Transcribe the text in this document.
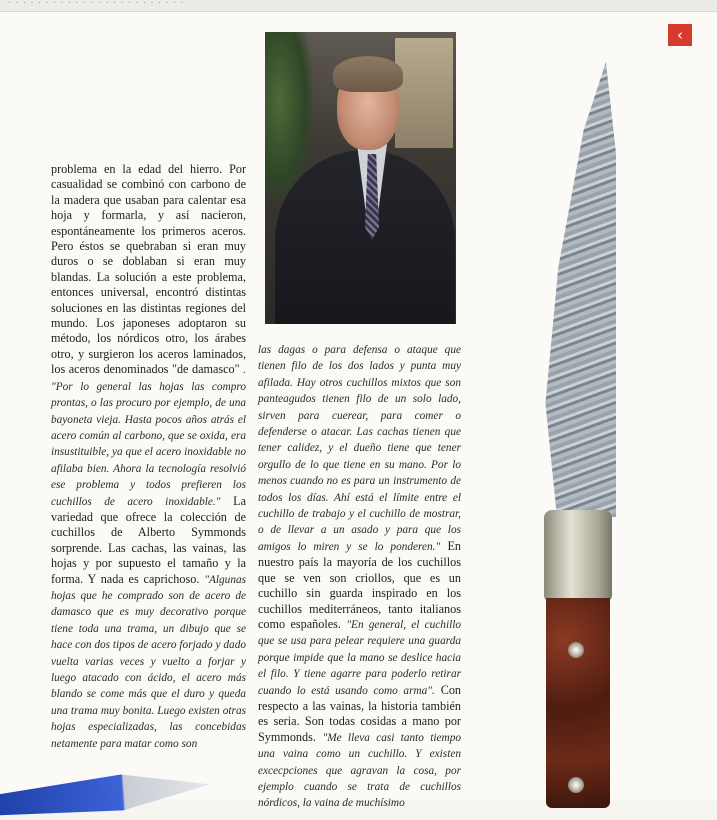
· · · · · · · · · · · · · · · · · · · · · · · ·

problema en la edad del hierro. Por casualidad se combinó con carbono de la madera que usaban para calentar esa hoja y formarla, y así nacieron, espontáneamente los primeros aceros. Pero éstos se quebraban si eran muy duros o se doblaban si eran muy blandas. La solución a este problema, entonces universal, encontró distintas soluciones en las distintas regiones del mundo. Los japoneses adoptaron su método, los nórdicos otro, los árabes otro, y surgieron los aceros laminados, los aceros denominados "de damasco" . "Por lo general las hojas las compro prontas, o las procuro por ejemplo, de una bayoneta vieja. Hasta pocos años atrás el acero común al carbono, que se oxida, era insustituible, ya que el acero inoxidable no afilaba bien. Ahora la tecnología resolvió ese problema y todos prefieren los cuchillos de acero inoxidable." La variedad que ofrece la colección de cuchillos de Alberto Symmonds sorprende. Las cachas, las vainas, las hojas y por supuesto el tamaño y la forma. Y nada es caprichoso. "Algunas hojas que he comprado son de acero de damasco que es muy decorativo porque tiene toda una trama, un dibujo que se hace con dos tipos de acero forjado y dado vuelta varias veces y vuelto a forjar y luego atacado con ácido, el acero más blando se come más que el duro y queda una trama muy bonita. Luego existen otras hojas especializadas, las concebidas netamente para matar como son

las dagas o para defensa o ataque que tienen filo de los dos lados y punta muy afilada. Hay otros cuchillos mixtos que son panteagudos tienen filo de un solo lado, sirven para cuerear, para comer o defenderse o atacar. Las cachas tienen que tener calidez, y el dueño tiene que tener orgullo de lo que tiene en su mano. Por lo menos cuando no es para un instrumento de todos los días. Ahí está el límite entre el cuchillo de trabajo y el cuchillo de mostrar, o de llevar a un asado y para que los amigos lo miren y se lo ponderen." En nuestro país la mayoría de los cuchillos que se ven son criollos, que es un cuchillo sin guarda inspirado en los cuchillos mediterráneos, tanto italianos como españoles. "En general, el cuchillo que se usa para pelear requiere una guarda porque impide que la mano se deslice hacia el filo. Y tiene agarre para poderlo retirar cuando lo está usando como arma". Con respecto a las vainas, la historia también es seria. Son todas cosidas a mano por Symmonds. "Me lleva casi tanto tiempo una vaina como un cuchillo. Y existen excecpciones que agravan la cosa, por ejemplo cuando se trata de cuchillos nórdicos, la vaina de muchísimo

‹
